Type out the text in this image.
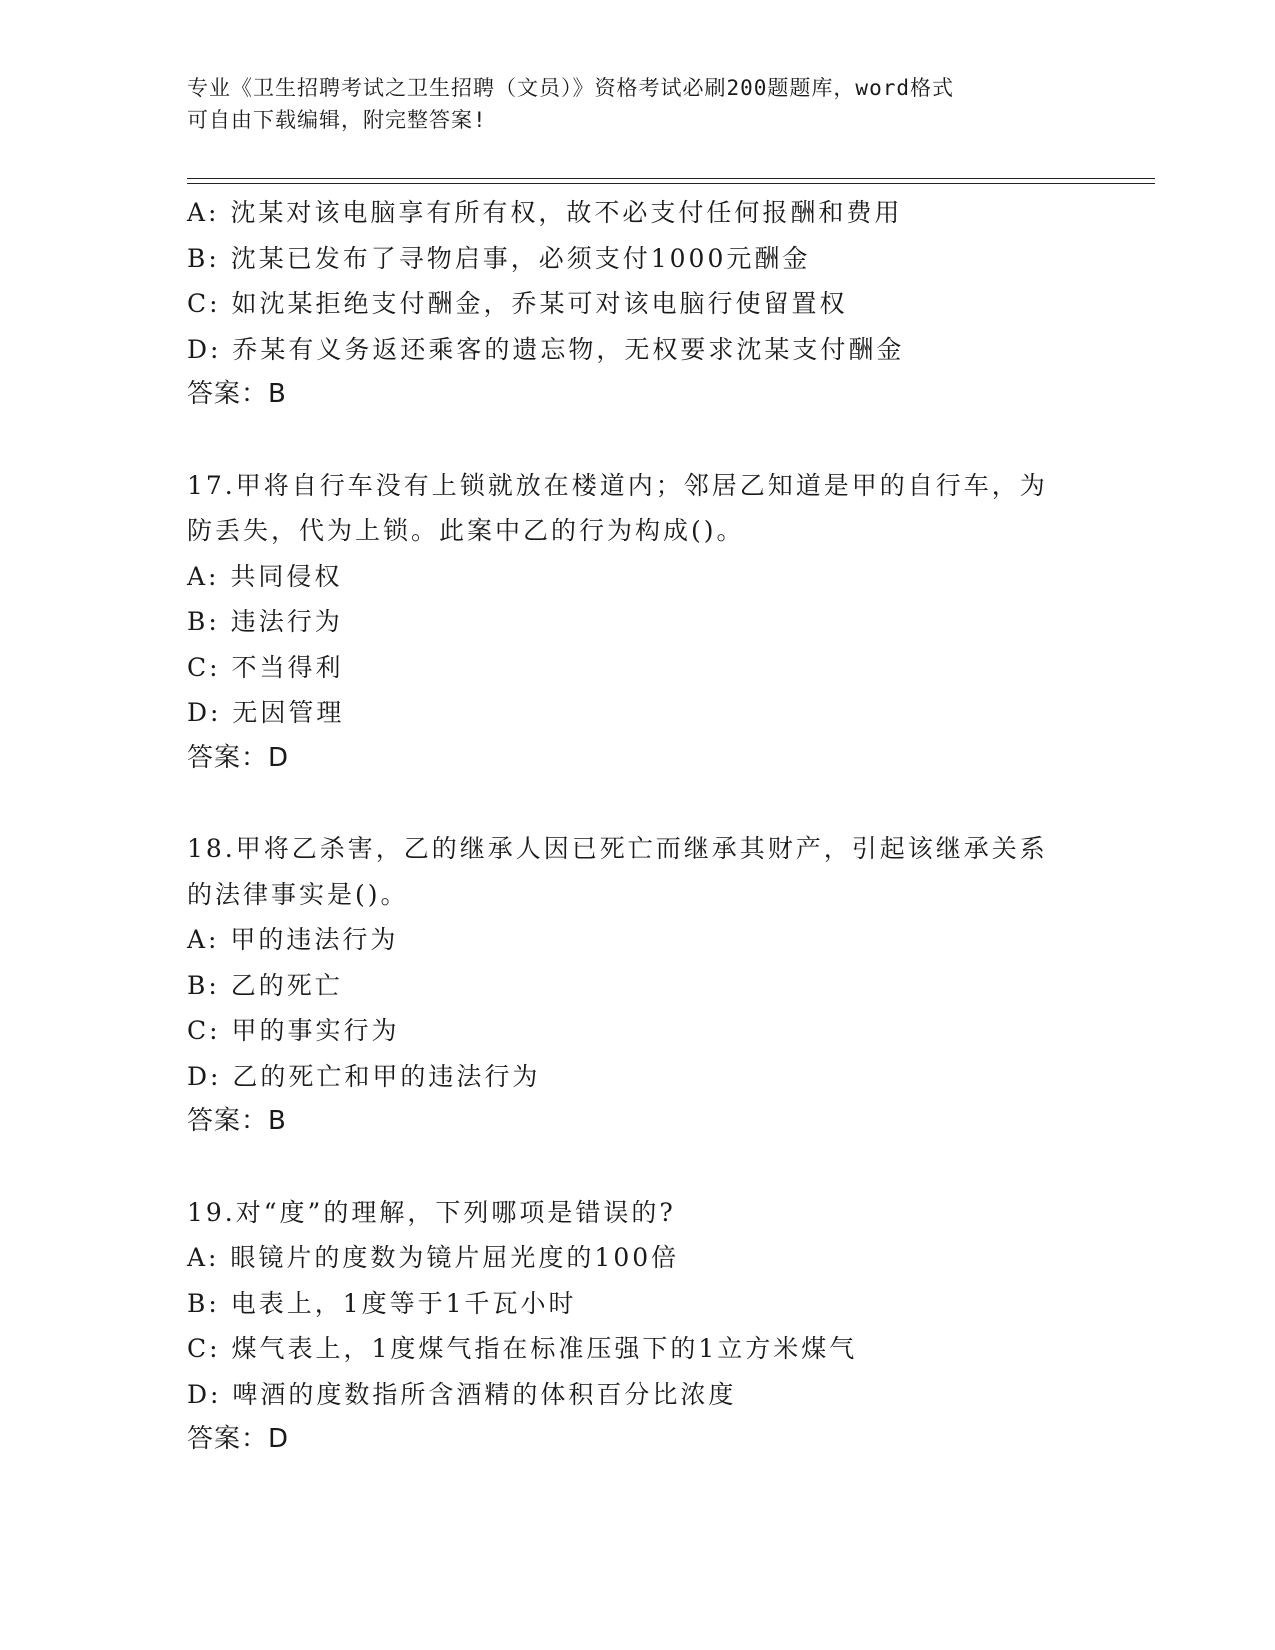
专业《卫生招聘考试之卫生招聘（文员）》资格考试必刷200题题库，word格式
可自由下载编辑，附完整答案!
A: 沈某对该电脑享有所有权，故不必支付任何报酬和费用
B: 沈某已发布了寻物启事，必须支付1000元酬金
C: 如沈某拒绝支付酬金，乔某可对该电脑行使留置权
D: 乔某有义务返还乘客的遗忘物，无权要求沈某支付酬金
答案：B
17.甲将自行车没有上锁就放在楼道内；邻居乙知道是甲的自行车，为
防丢失，代为上锁。此案中乙的行为构成()。
A: 共同侵权
B: 违法行为
C: 不当得利
D: 无因管理
答案：D
18.甲将乙杀害，乙的继承人因已死亡而继承其财产，引起该继承关系
的法律事实是()。
A: 甲的违法行为
B: 乙的死亡
C: 甲的事实行为
D: 乙的死亡和甲的违法行为
答案：B
19.对“度”的理解，下列哪项是错误的?
A: 眼镜片的度数为镜片屈光度的100倍
B: 电表上，1度等于1千瓦小时
C: 煤气表上，1度煤气指在标准压强下的1立方米煤气
D: 啤酒的度数指所含酒精的体积百分比浓度
答案：D
